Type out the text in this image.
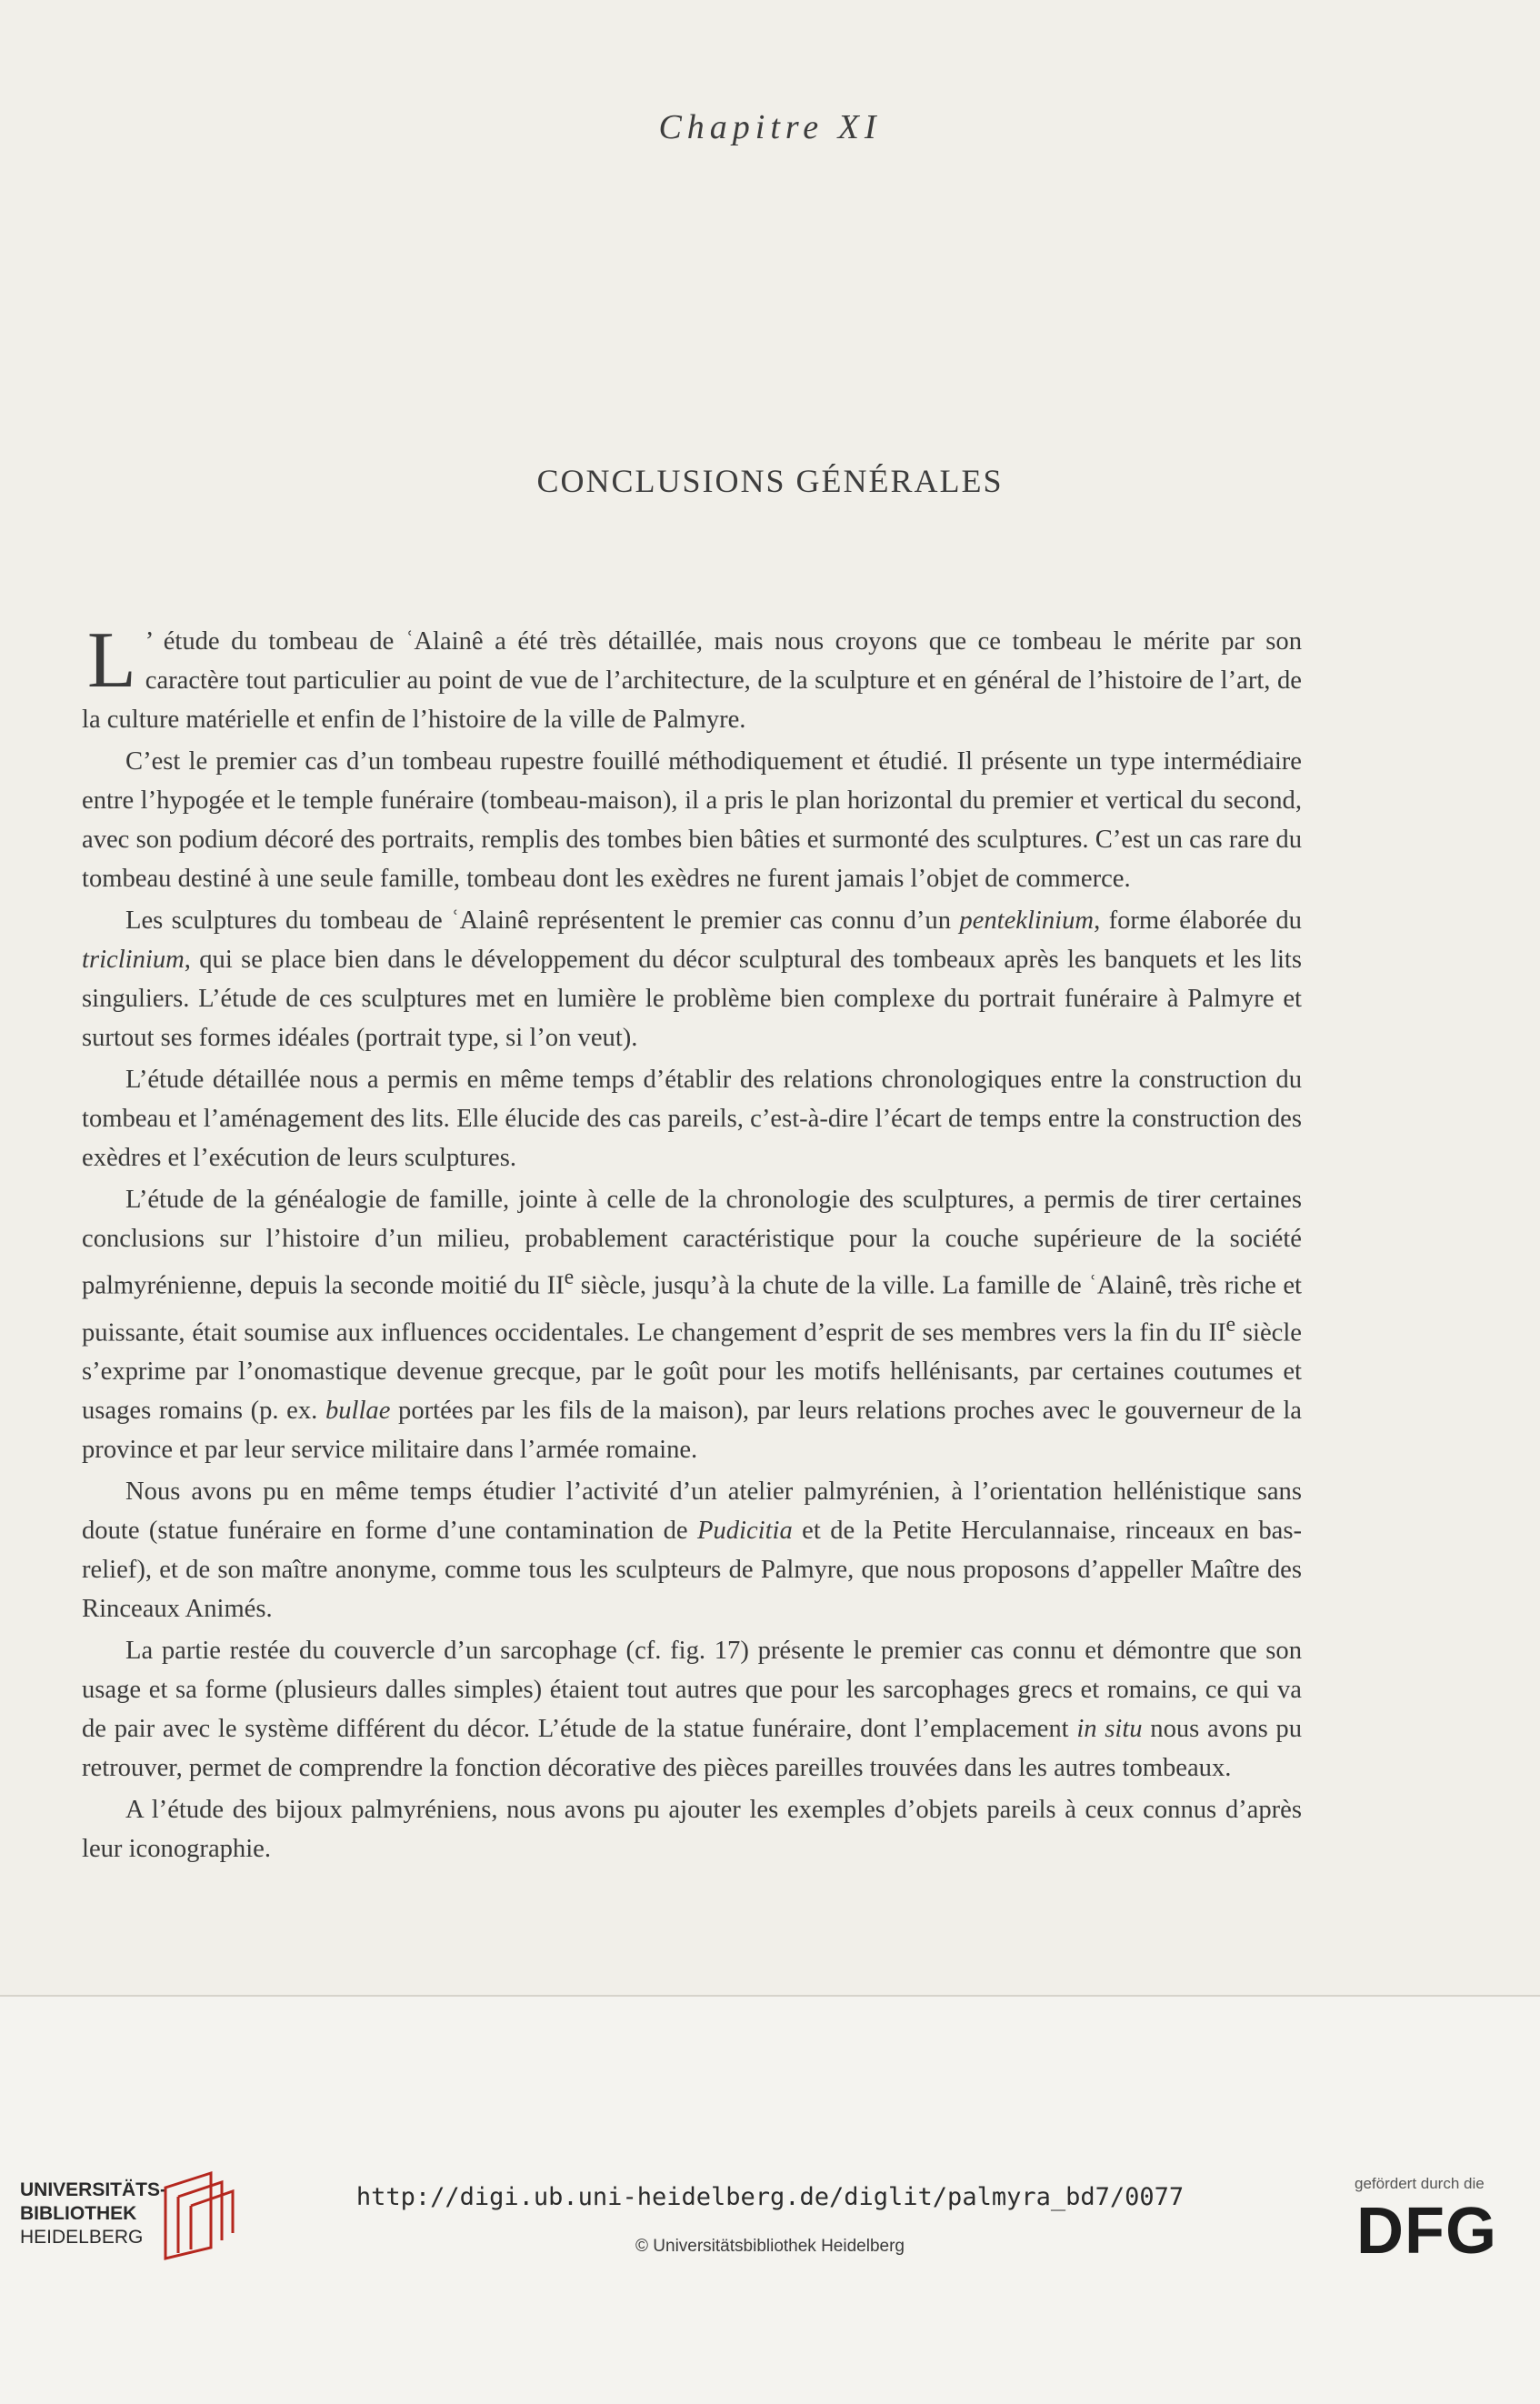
Chapitre XI
CONCLUSIONS GÉNÉRALES

L ’ étude du tombeau de ʿAlainê a été très détaillée, mais nous croyons que ce tombeau le mérite par son caractère tout particulier au point de vue de l’architecture, de la sculpture et en général de l’histoire de l’art, de la culture matérielle et enfin de l’histoire de la ville de Palmyre.

C’est le premier cas d’un tombeau rupestre fouillé méthodiquement et étudié. Il présente un type intermédiaire entre l’hypogée et le temple funéraire (tombeau-maison), il a pris le plan horizontal du premier et vertical du second, avec son podium décoré des portraits, remplis des tombes bien bâties et surmonté des sculptures. C’est un cas rare du tombeau destiné à une seule famille, tombeau dont les exèdres ne furent jamais l’objet de commerce.

Les sculptures du tombeau de ʿAlainê représentent le premier cas connu d’un penteklinium, forme élaborée du triclinium, qui se place bien dans le développement du décor sculptural des tombeaux après les banquets et les lits singuliers. L’étude de ces sculptures met en lumière le problème bien complexe du portrait funéraire à Palmyre et surtout ses formes idéales (portrait type, si l’on veut).

L’étude détaillée nous a permis en même temps d’établir des relations chronologiques entre la construction du tombeau et l’aménagement des lits. Elle élucide des cas pareils, c’est-à-dire l’écart de temps entre la construction des exèdres et l’exécution de leurs sculptures.

L’étude de la généalogie de famille, jointe à celle de la chronologie des sculptures, a permis de tirer certaines conclusions sur l’histoire d’un milieu, probablement caractéristique pour la couche supérieure de la société palmyrénienne, depuis la seconde moitié du IIe siècle, jusqu’à la chute de la ville. La famille de ʿAlainê, très riche et puissante, était soumise aux influences occidentales. Le changement d’esprit de ses membres vers la fin du IIe siècle s’exprime par l’onomastique devenue grecque, par le goût pour les motifs hellénisants, par certaines coutumes et usages romains (p. ex. bullae portées par les fils de la maison), par leurs relations proches avec le gouverneur de la province et par leur service militaire dans l’armée romaine.

Nous avons pu en même temps étudier l’activité d’un atelier palmyrénien, à l’orientation hellénistique sans doute (statue funéraire en forme d’une contamination de Pudicitia et de la Petite Herculannaise, rinceaux en bas-relief), et de son maître anonyme, comme tous les sculpteurs de Palmyre, que nous proposons d’appeller Maître des Rinceaux Animés.

La partie restée du couvercle d’un sarcophage (cf. fig. 17) présente le premier cas connu et démontre que son usage et sa forme (plusieurs dalles simples) étaient tout autres que pour les sarcophages grecs et romains, ce qui va de pair avec le système différent du décor. L’étude de la statue funéraire, dont l’emplacement in situ nous avons pu retrouver, permet de comprendre la fonction décorative des pièces pareilles trouvées dans les autres tombeaux.

A l’étude des bijoux palmyréniens, nous avons pu ajouter les exemples d’objets pareils à ceux connus d’après leur iconographie.

UNIVERSITÄTS-
BIBLIOTHEK
HEIDELBERG
http://digi.ub.uni-heidelberg.de/diglit/palmyra_bd7/0077
© Universitätsbibliothek Heidelberg
gefördert durch die
DFG
